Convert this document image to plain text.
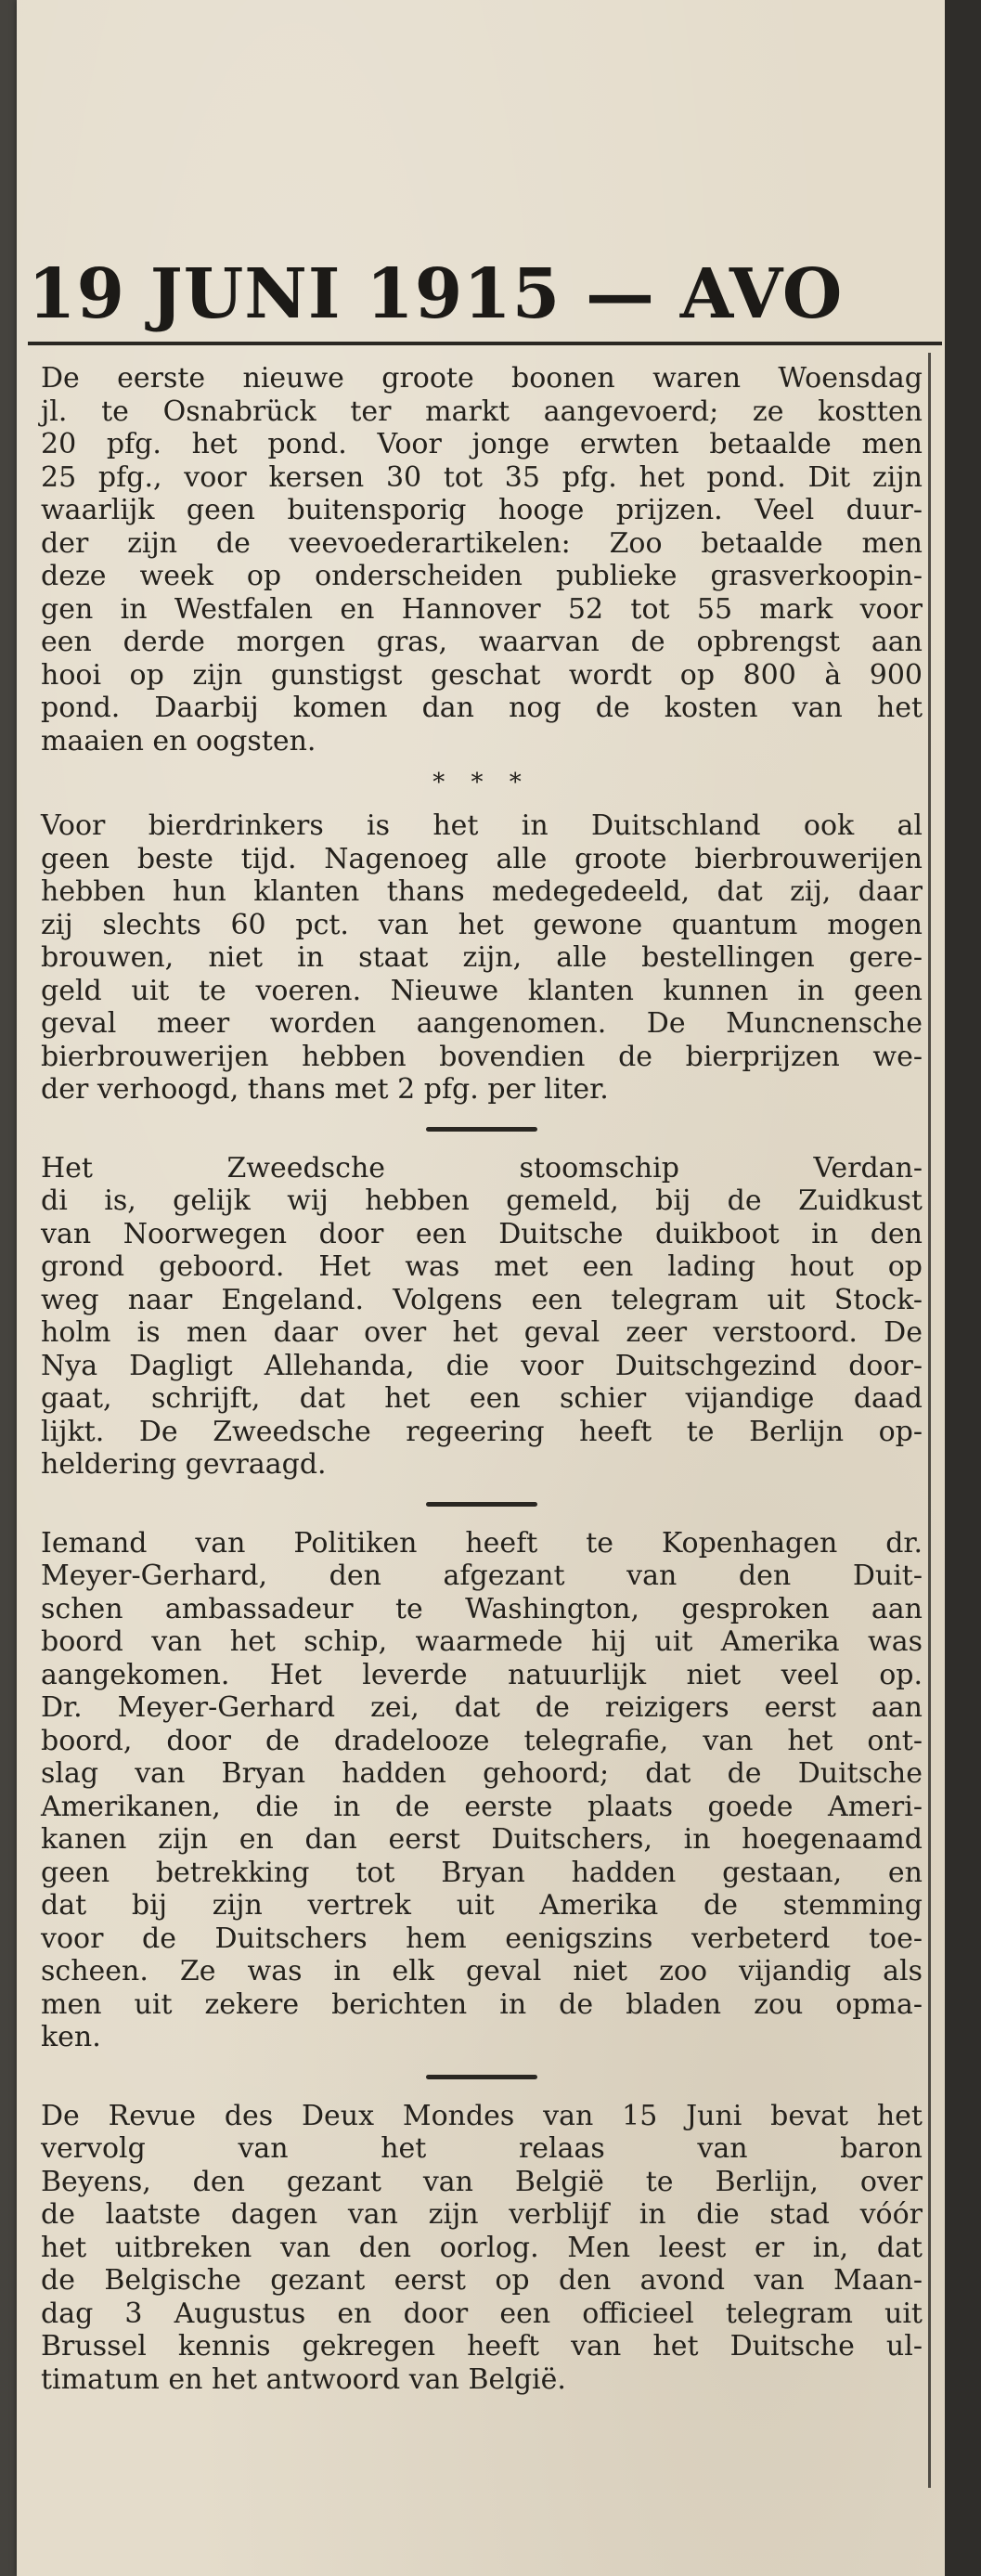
19 JUNI 1915 — AVO

De eerste nieuwe groote boonen waren Woensdag
jl. te Osnabrück ter markt aangevoerd; ze kostten
20 pfg. het pond. Voor jonge erwten betaalde men
25 pfg., voor kersen 30 tot 35 pfg. het pond. Dit zijn
waarlijk geen buitensporig hooge prijzen. Veel duur-
der zijn de veevoederartikelen: Zoo betaalde men
deze week op onderscheiden publieke grasverkoopin-
gen in Westfalen en Hannover 52 tot 55 mark voor
een derde morgen gras, waarvan de opbrengst aan
hooi op zijn gunstigst geschat wordt op 800 à 900
pond. Daarbij komen dan nog de kosten van het
maaien en oogsten.

* * *

Voor bierdrinkers is het in Duitschland ook al
geen beste tijd. Nagenoeg alle groote bierbrouwerijen
hebben hun klanten thans medegedeeld, dat zij, daar
zij slechts 60 pct. van het gewone quantum mogen
brouwen, niet in staat zijn, alle bestellingen gere-
geld uit te voeren. Nieuwe klanten kunnen in geen
geval meer worden aangenomen. De Muncnensche
bierbrouwerijen hebben bovendien de bierprijzen we-
der verhoogd, thans met 2 pfg. per liter.

Het Zweedsche stoomschip Verdan-
di is, gelijk wij hebben gemeld, bij de Zuidkust
van Noorwegen door een Duitsche duikboot in den
grond geboord. Het was met een lading hout op
weg naar Engeland. Volgens een telegram uit Stock-
holm is men daar over het geval zeer verstoord. De
Nya Dagligt Allehanda, die voor Duitschgezind door-
gaat, schrijft, dat het een schier vijandige daad
lijkt. De Zweedsche regeering heeft te Berlijn op-
heldering gevraagd.

Iemand van Politiken heeft te Kopenhagen dr.
Meyer-Gerhard, den afgezant van den Duit-
schen ambassadeur te Washington, gesproken aan
boord van het schip, waarmede hij uit Amerika was
aangekomen. Het leverde natuurlijk niet veel op.
Dr. Meyer-Gerhard zei, dat de reizigers eerst aan
boord, door de dradelooze telegrafie, van het ont-
slag van Bryan hadden gehoord; dat de Duitsche
Amerikanen, die in de eerste plaats goede Ameri-
kanen zijn en dan eerst Duitschers, in hoegenaamd
geen betrekking tot Bryan hadden gestaan, en
dat bij zijn vertrek uit Amerika de stemming
voor de Duitschers hem eenigszins verbeterd toe-
scheen. Ze was in elk geval niet zoo vijandig als
men uit zekere berichten in de bladen zou opma-
ken.

De Revue des Deux Mondes van 15 Juni bevat het
vervolg van het relaas van baron
Beyens, den gezant van België te Berlijn, over
de laatste dagen van zijn verblijf in die stad vóór
het uitbreken van den oorlog. Men leest er in, dat
de Belgische gezant eerst op den avond van Maan-
dag 3 Augustus en door een officieel telegram uit
Brussel kennis gekregen heeft van het Duitsche ul-
timatum en het antwoord van België.
